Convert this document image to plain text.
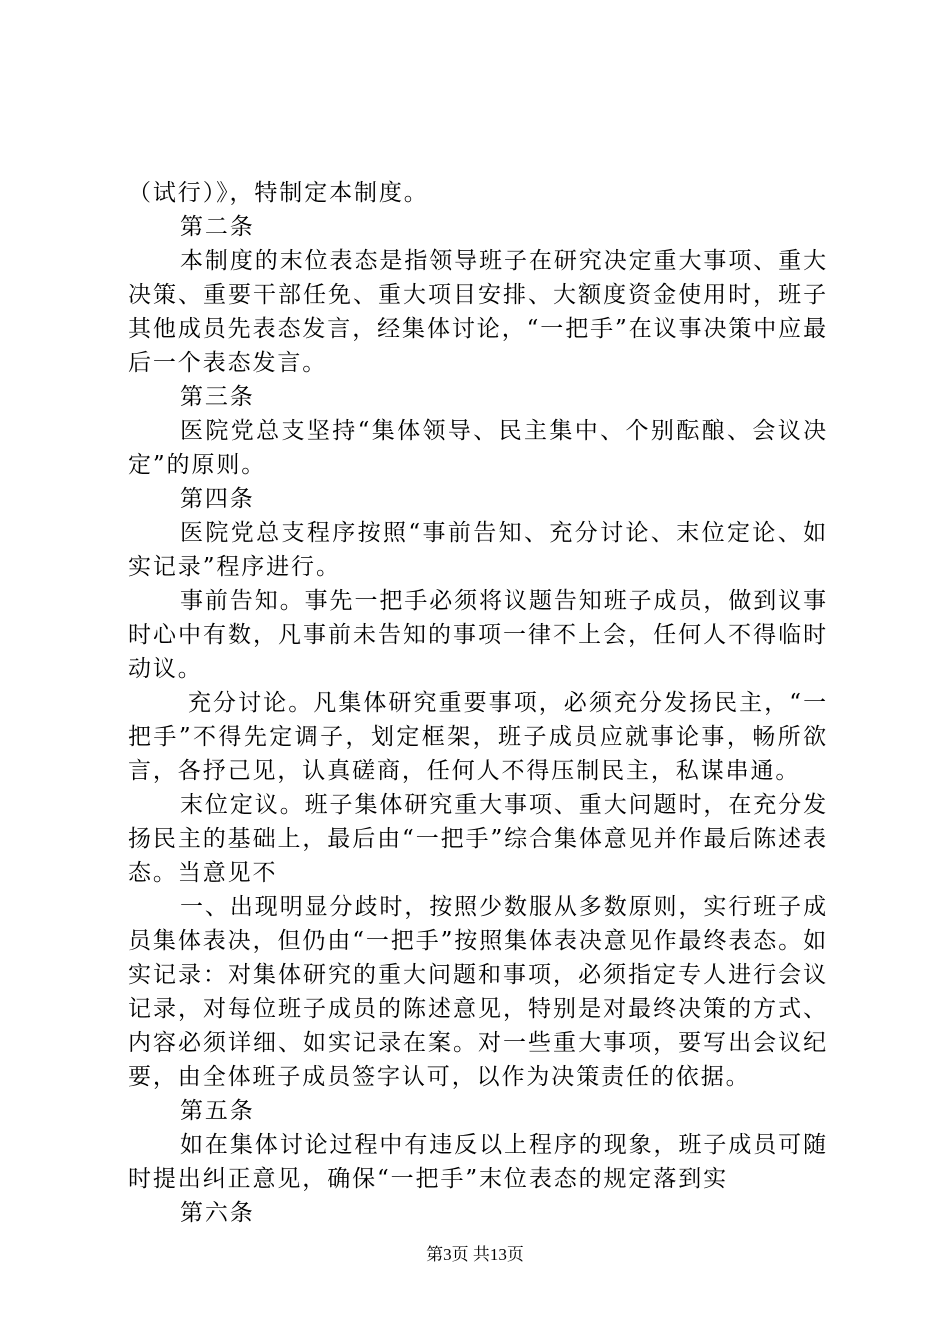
（试行）》，特制定本制度。

第二条

本制度的末位表态是指领导班子在研究决定重大事项、重大决策、重要干部任免、重大项目安排、大额度资金使用时，班子其他成员先表态发言，经集体讨论，“一把手”在议事决策中应最后一个表态发言。

第三条

医院党总支坚持“集体领导、民主集中、个别酝酿、会议决定”的原则。

第四条

医院党总支程序按照“事前告知、充分讨论、末位定论、如实记录”程序进行。

事前告知。事先一把手必须将议题告知班子成员，做到议事时心中有数，凡事前未告知的事项一律不上会，任何人不得临时动议。

充分讨论。凡集体研究重要事项，必须充分发扬民主，“一把手”不得先定调子，划定框架，班子成员应就事论事，畅所欲言，各抒己见，认真磋商，任何人不得压制民主，私谋串通。

末位定议。班子集体研究重大事项、重大问题时，在充分发扬民主的基础上，最后由“一把手”综合集体意见并作最后陈述表态。当意见不

一、出现明显分歧时，按照少数服从多数原则，实行班子成员集体表决，但仍由“一把手”按照集体表决意见作最终表态。如实记录：对集体研究的重大问题和事项，必须指定专人进行会议记录，对每位班子成员的陈述意见，特别是对最终决策的方式、内容必须详细、如实记录在案。对一些重大事项，要写出会议纪要，由全体班子成员签字认可，以作为决策责任的依据。

第五条

如在集体讨论过程中有违反以上程序的现象，班子成员可随时提出纠正意见，确保“一把手”末位表态的规定落到实

第六条

第3页 共13页
